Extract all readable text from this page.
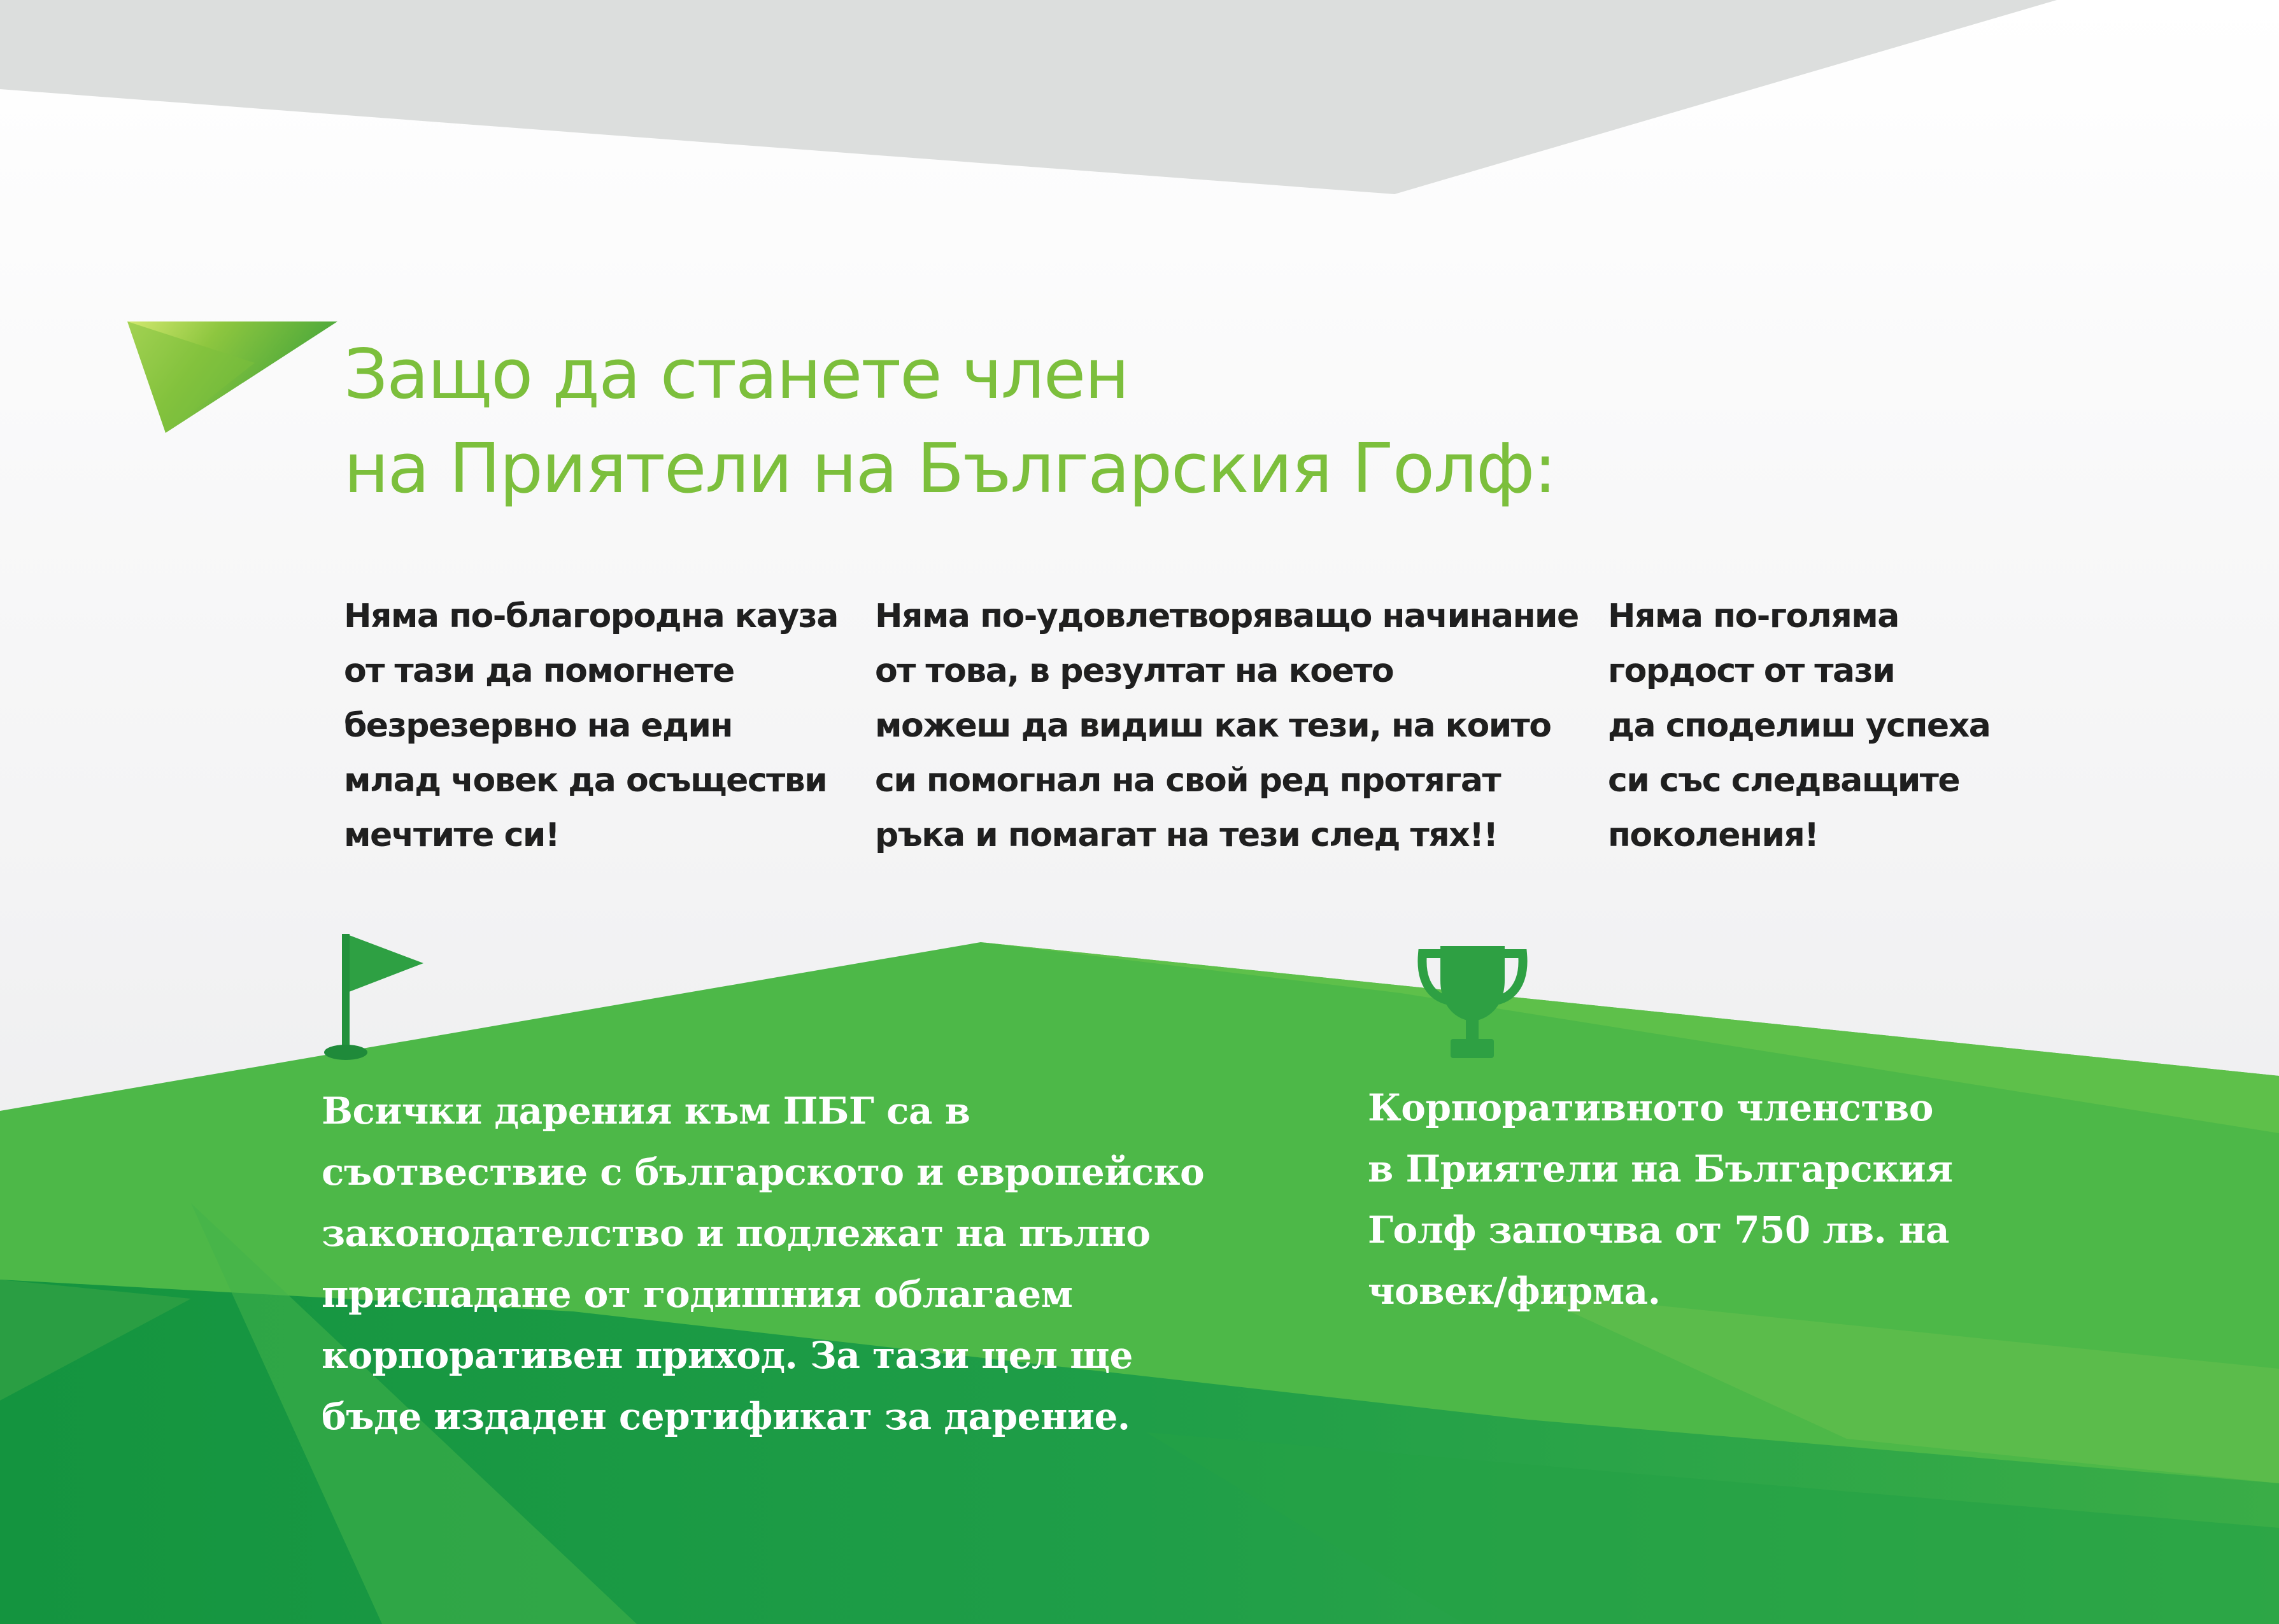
Защо да станете член
на Приятели на Българския Голф:

Няма по-благородна кауза
от тази да помогнете
безрезервно на един
млад човек да осъществи
мечтите си!

Няма по-удовлетворяващо начинание
от това, в резултат на което
можеш да видиш как тези, на които
си помогнал на свой ред протягат
ръка и помагат на тези след тях!!

Няма по-голяма
гордост от тази
да споделиш успеха
си със следващите
поколения!

Всички дарения към ПБГ са в
съотвествие с българското и европейско
законодателство и подлежат на пълно
приспадане от годишния облагаем
корпоративен приход. За тази цел ще
бъде издаден сертификат за дарение.

Корпоративното членство
в Приятели на Българския
Голф започва от 750 лв. на
човек/фирма.
